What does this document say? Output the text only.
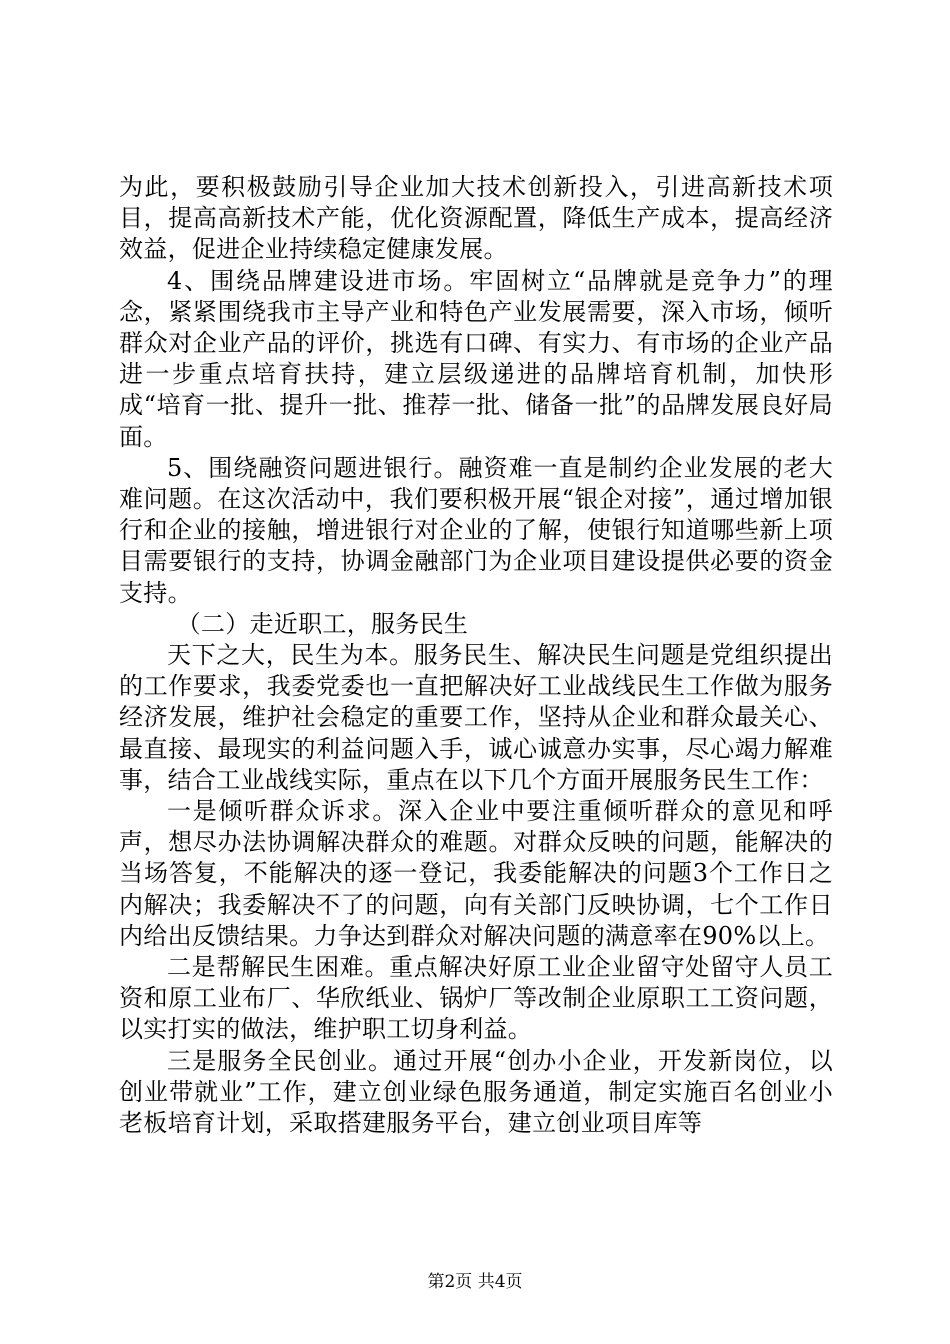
为此，要积极鼓励引导企业加大技术创新投入，引进高新技术项目，提高高新技术产能，优化资源配置，降低生产成本，提高经济效益，促进企业持续稳定健康发展。

4、围绕品牌建设进市场。牢固树立“品牌就是竞争力”的理念，紧紧围绕我市主导产业和特色产业发展需要，深入市场，倾听群众对企业产品的评价，挑选有口碑、有实力、有市场的企业产品进一步重点培育扶持，建立层级递进的品牌培育机制，加快形成“培育一批、提升一批、推荐一批、储备一批”的品牌发展良好局面。

5、围绕融资问题进银行。融资难一直是制约企业发展的老大难问题。在这次活动中，我们要积极开展“银企对接”，通过增加银行和企业的接触，增进银行对企业的了解，使银行知道哪些新上项目需要银行的支持，协调金融部门为企业项目建设提供必要的资金支持。

（二）走近职工，服务民生

天下之大，民生为本。服务民生、解决民生问题是党组织提出的工作要求，我委党委也一直把解决好工业战线民生工作做为服务经济发展，维护社会稳定的重要工作，坚持从企业和群众最关心、最直接、最现实的利益问题入手，诚心诚意办实事，尽心竭力解难事，结合工业战线实际，重点在以下几个方面开展服务民生工作：

一是倾听群众诉求。深入企业中要注重倾听群众的意见和呼声，想尽办法协调解决群众的难题。对群众反映的问题，能解决的当场答复，不能解决的逐一登记，我委能解决的问题3个工作日之内解决；我委解决不了的问题，向有关部门反映协调，七个工作日内给出反馈结果。力争达到群众对解决问题的满意率在90%以上。

二是帮解民生困难。重点解决好原工业企业留守处留守人员工资和原工业布厂、华欣纸业、锅炉厂等改制企业原职工工资问题，以实打实的做法，维护职工切身利益。

三是服务全民创业。通过开展“创办小企业，开发新岗位，以创业带就业”工作，建立创业绿色服务通道，制定实施百名创业小老板培育计划，采取搭建服务平台，建立创业项目库等

第2页 共4页
